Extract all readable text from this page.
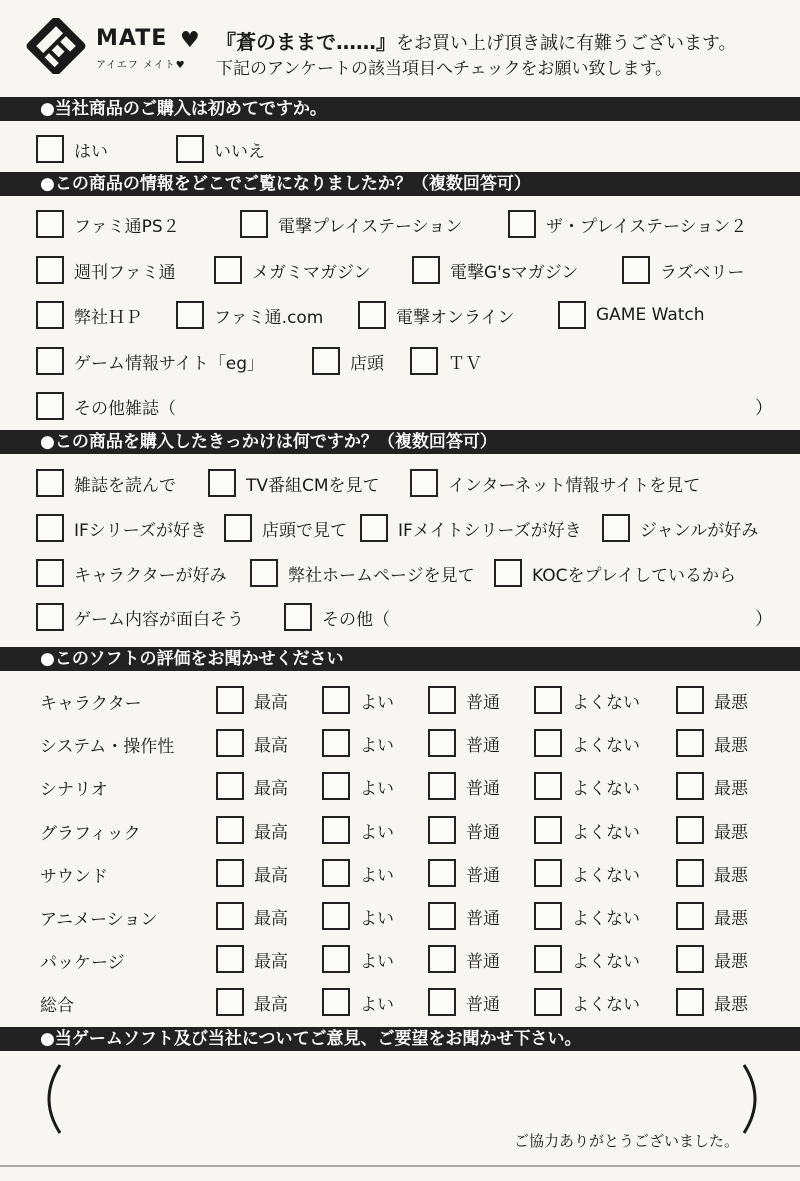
MATE ♥
アイエフ メイト♥
『蒼のままで……』をお買い上げ頂き誠に有難うございます。
下記のアンケートの該当項目へチェックをお願い致します。
●当社商品のご購入は初めてですか。
はい	いいえ
●この商品の情報をどこでご覧になりましたか？（複数回答可）
ファミ通PS２	電撃プレイステーション	ザ・プレイステーション２
週刊ファミ通	メガミマガジン	電撃G'sマガジン	ラズベリー
弊社ＨＰ	ファミ通.com	電撃オンライン	GAME Watch
ゲーム情報サイト「eg」	店頭	ＴＶ
その他雑誌（	）
●この商品を購入したきっかけは何ですか？（複数回答可）
雑誌を読んで	TV番組CMを見て	インターネット情報サイトを見て
IFシリーズが好き	店頭で見て	IFメイトシリーズが好き	ジャンルが好み
キャラクターが好み	弊社ホームページを見て	KOCをプレイしているから
ゲーム内容が面白そう	その他（	）
●このソフトの評価をお聞かせください
キャラクター	最高	よい	普通	よくない	最悪
システム・操作性	最高	よい	普通	よくない	最悪
シナリオ	最高	よい	普通	よくない	最悪
グラフィック	最高	よい	普通	よくない	最悪
サウンド	最高	よい	普通	よくない	最悪
アニメーション	最高	よい	普通	よくない	最悪
パッケージ	最高	よい	普通	よくない	最悪
総合	最高	よい	普通	よくない	最悪
●当ゲームソフト及び当社についてご意見、ご要望をお聞かせ下さい。
ご協力ありがとうございました。
